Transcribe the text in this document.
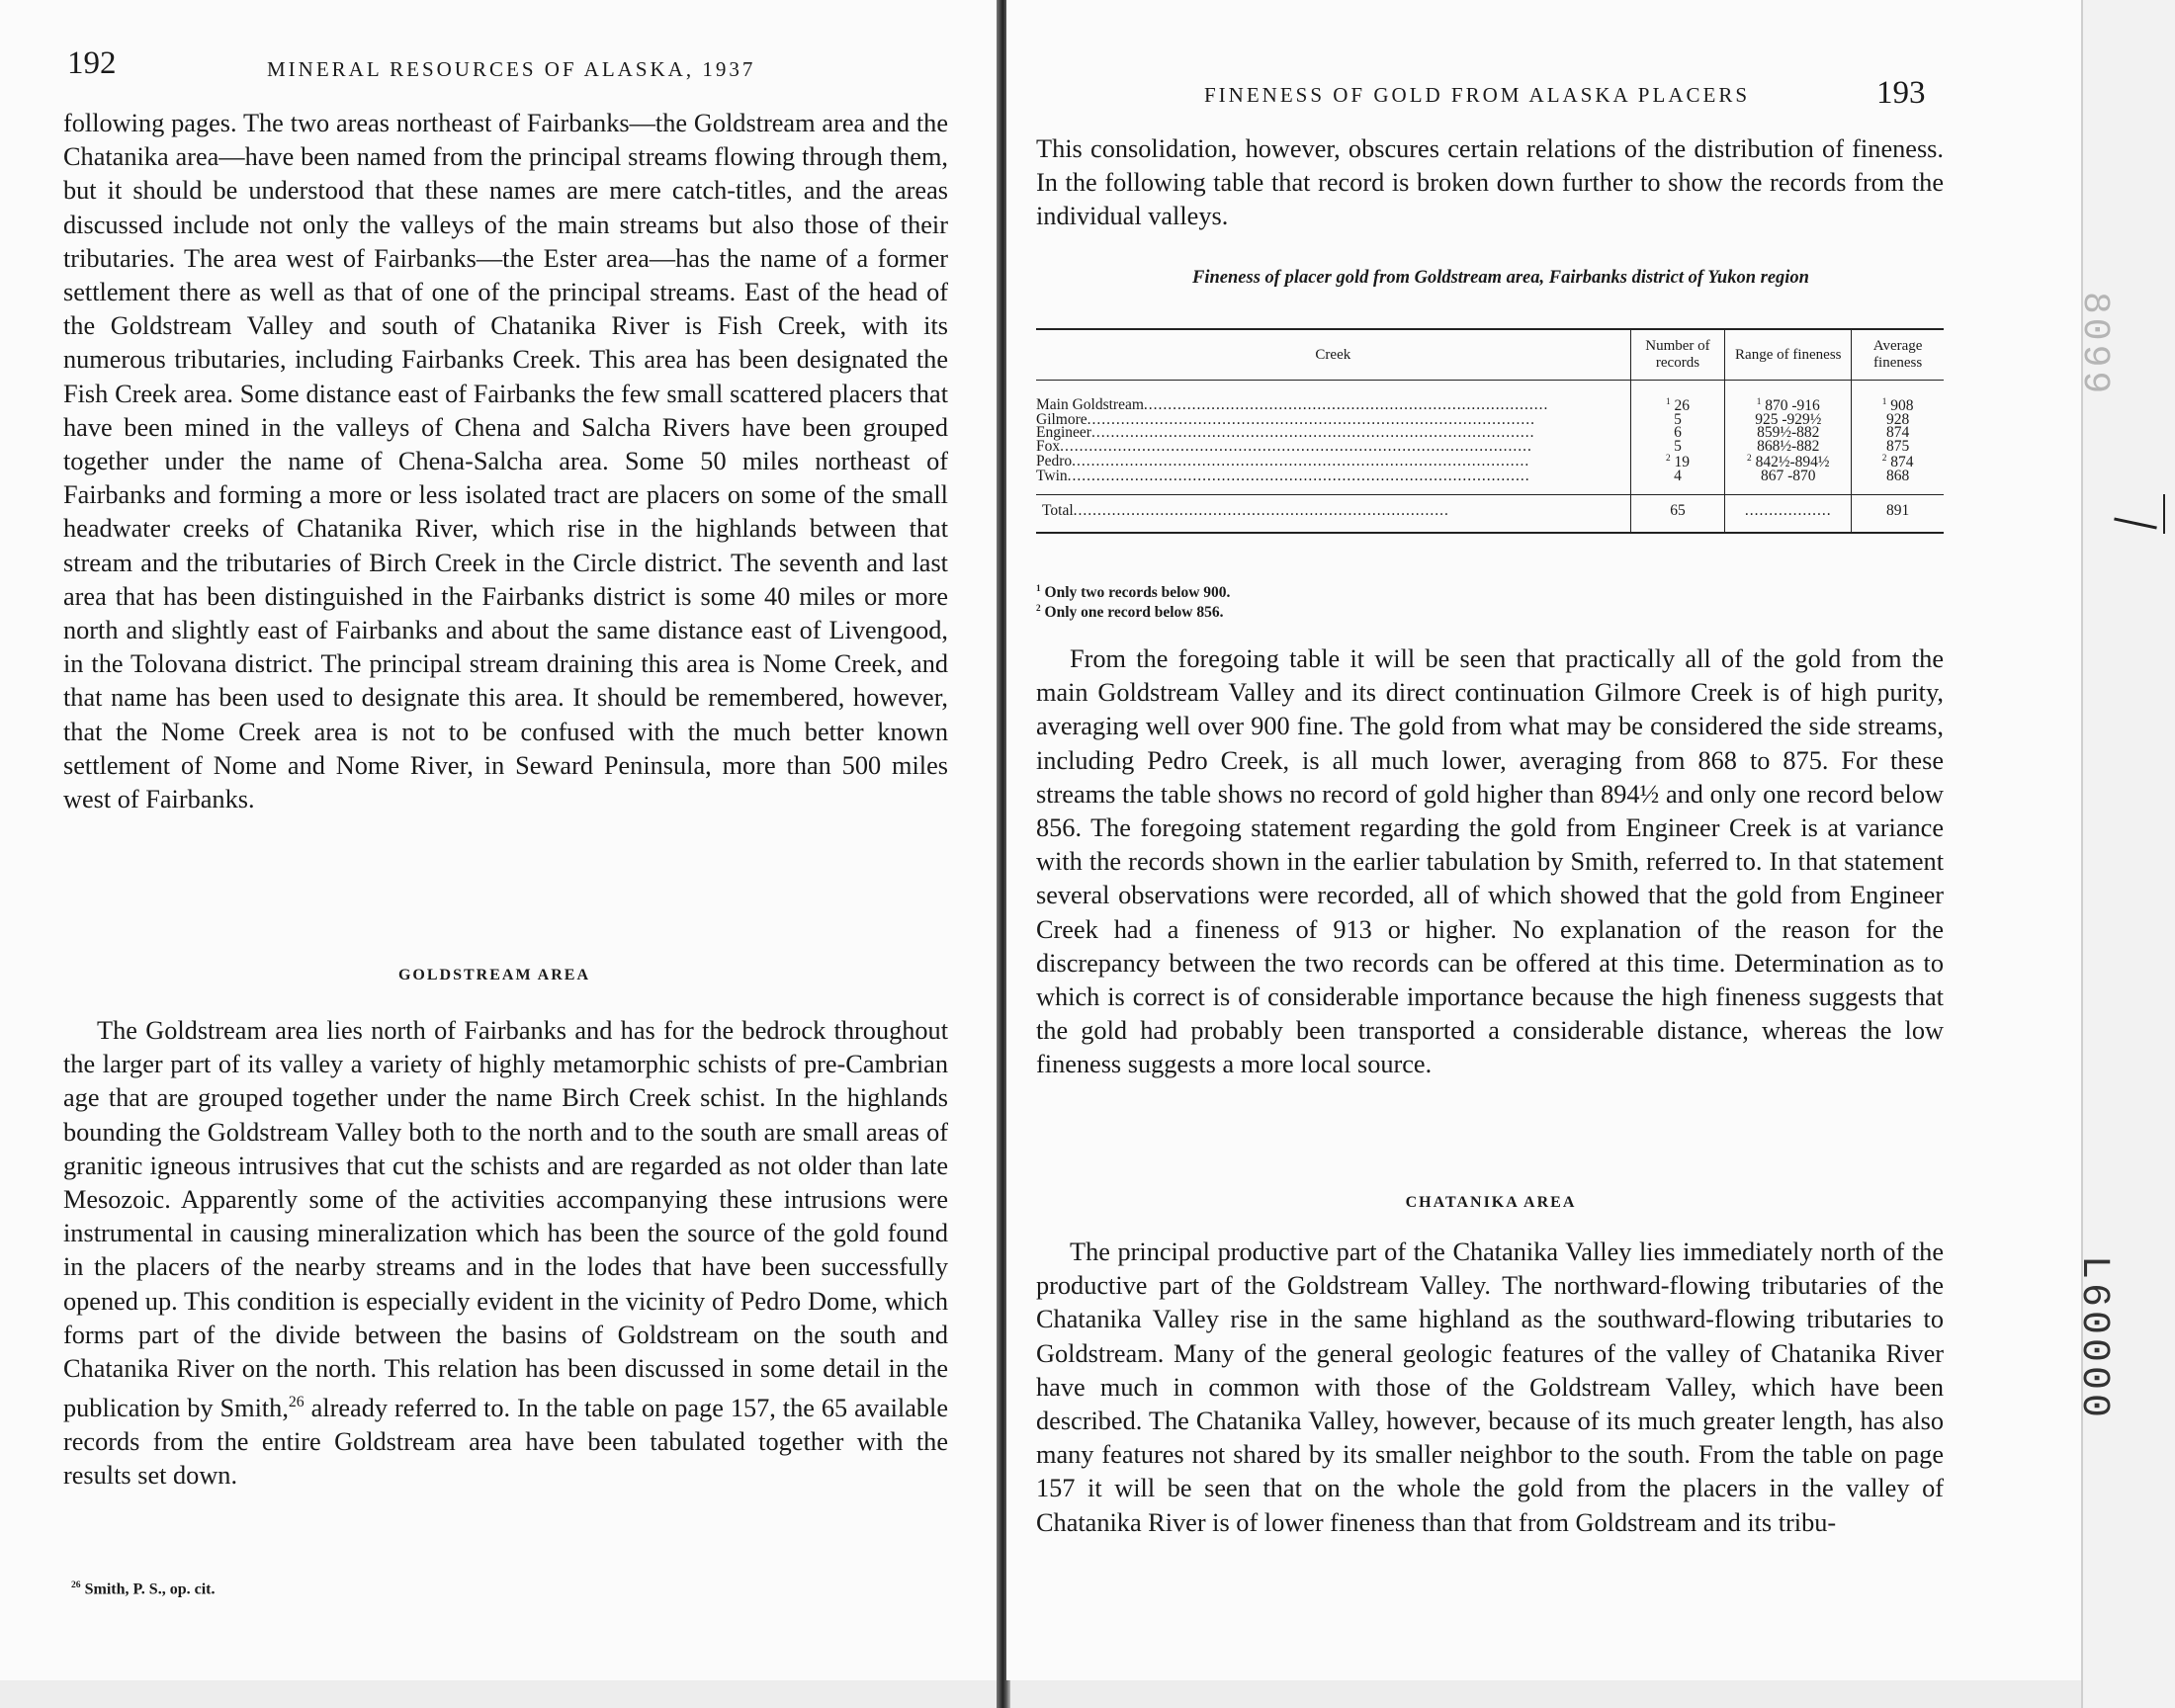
192	MINERAL RESOURCES OF ALASKA, 1937

following pages. The two areas northeast of Fairbanks—the Goldstream area and the Chatanika area—have been named from the principal streams flowing through them, but it should be understood that these names are mere catch-titles, and the areas discussed include not only the valleys of the main streams but also those of their tributaries. The area west of Fairbanks—the Ester area—has the name of a former settlement there as well as that of one of the principal streams. East of the head of the Goldstream Valley and south of Chatanika River is Fish Creek, with its numerous tributaries, including Fairbanks Creek. This area has been designated the Fish Creek area. Some distance east of Fairbanks the few small scattered placers that have been mined in the valleys of Chena and Salcha Rivers have been grouped together under the name of Chena-Salcha area. Some 50 miles northeast of Fairbanks and forming a more or less isolated tract are placers on some of the small headwater creeks of Chatanika River, which rise in the highlands between that stream and the tributaries of Birch Creek in the Circle district. The seventh and last area that has been distinguished in the Fairbanks district is some 40 miles or more north and slightly east of Fairbanks and about the same distance east of Livengood, in the Tolovana district. The principal stream draining this area is Nome Creek, and that name has been used to designate this area. It should be remembered, however, that the Nome Creek area is not to be confused with the much better known settlement of Nome and Nome River, in Seward Peninsula, more than 500 miles west of Fairbanks.

GOLDSTREAM AREA

The Goldstream area lies north of Fairbanks and has for the bedrock throughout the larger part of its valley a variety of highly metamorphic schists of pre-Cambrian age that are grouped together under the name Birch Creek schist. In the highlands bounding the Goldstream Valley both to the north and to the south are small areas of granitic igneous intrusives that cut the schists and are regarded as not older than late Mesozoic. Apparently some of the activities accompanying these intrusions were instrumental in causing mineralization which has been the source of the gold found in the placers of the nearby streams and in the lodes that have been successfully opened up. This condition is especially evident in the vicinity of Pedro Dome, which forms part of the divide between the basins of Goldstream on the south and Chatanika River on the north. This relation has been discussed in some detail in the publication by Smith,$^{26}$ already referred to. In the table on page 157, the 65 available records from the entire Goldstream area have been tabulated together with the results set down.

$^{26}$ Smith, P. S., op. cit.
FINENESS OF GOLD FROM ALASKA PLACERS	193

This consolidation, however, obscures certain relations of the distribution of fineness. In the following table that record is broken down further to show the records from the individual valleys.

Fineness of placer gold from Goldstream area, Fairbanks district of Yukon region
Creek	Number of records	Range of fineness	Average fineness
Main Goldstream....................................................................................	$^1$ 26	$^1$ 870 -916	$^1$ 908
Gilmore.............................................................................................	5	925 -929½	928
Engineer............................................................................................	6	859½-882	874
Fox..................................................................................................	5	868½-882	875
Pedro...............................................................................................	$^2$ 19	$^2$ 842½-894½	$^2$ 874
Twin................................................................................................	4	867 -870	868
Total..............................................................................	65	..................	891
$^1$ Only two records below 900.
$^2$ Only one record below 856.

From the foregoing table it will be seen that practically all of the gold from the main Goldstream Valley and its direct continuation Gilmore Creek is of high purity, averaging well over 900 fine. The gold from what may be considered the side streams, including Pedro Creek, is all much lower, averaging from 868 to 875. For these streams the table shows no record of gold higher than 894½ and only one record below 856. The foregoing statement regarding the gold from Engineer Creek is at variance with the records shown in the earlier tabulation by Smith, referred to. In that statement several observations were recorded, all of which showed that the gold from Engineer Creek had a fineness of 913 or higher. No explanation of the reason for the discrepancy between the two records can be offered at this time. Determination as to which is correct is of considerable importance because the high fineness suggests that the gold had probably been transported a considerable distance, whereas the low fineness suggests a more local source.

CHATANIKA AREA

The principal productive part of the Chatanika Valley lies immediately north of the productive part of the Goldstream Valley. The northward-flowing tributaries of the Chatanika Valley rise in the same highland as the southward-flowing tributaries to Goldstream. Many of the general geologic features of the valley of Chatanika River have much in common with those of the Goldstream Valley, which have been described. The Chatanika Valley, however, because of its much greater length, has also many features not shared by its smaller neighbor to the south. From the table on page 157 it will be seen that on the whole the gold from the placers in the valley of Chatanika River is of lower fineness than that from Goldstream and its tribu-

L60000
8099
